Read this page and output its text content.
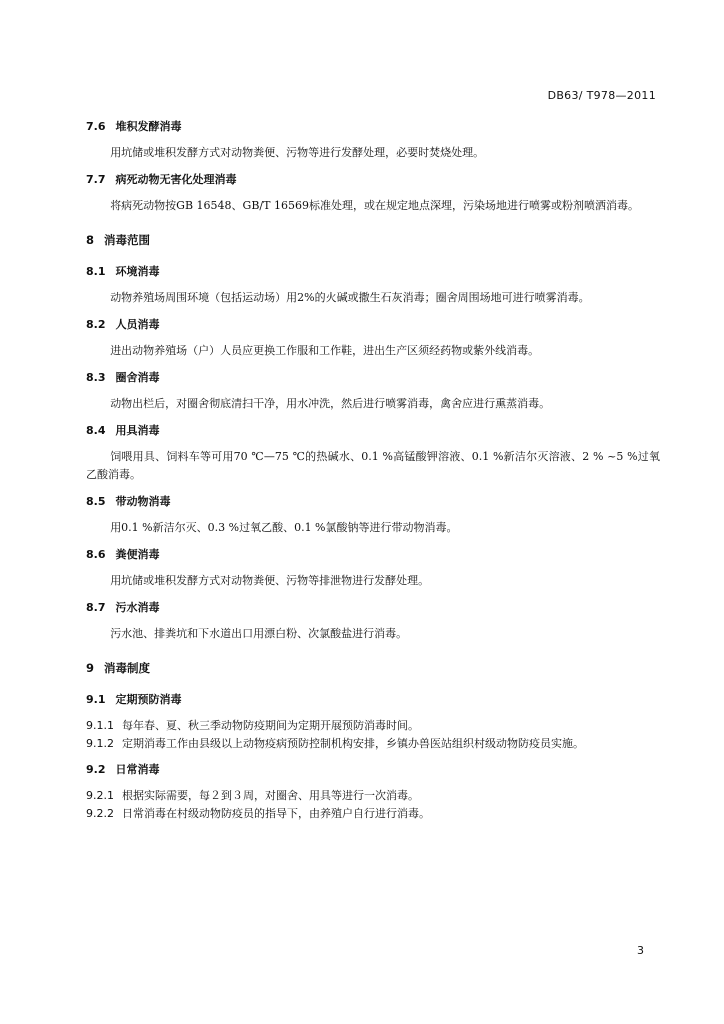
DB63/ T978—2011
7.6 堆积发酵消毒
用坑储或堆积发酵方式对动物粪便、污物等进行发酵处理，必要时焚烧处理。
7.7 病死动物无害化处理消毒
将病死动物按GB 16548、GB/T 16569标准处理，或在规定地点深埋，污染场地进行喷雾或粉剂喷洒消毒。
8 消毒范围
8.1 环境消毒
动物养殖场周围环境（包括运动场）用2%的火碱或撒生石灰消毒；圈舍周围场地可进行喷雾消毒。
8.2 人员消毒
进出动物养殖场（户）人员应更换工作服和工作鞋，进出生产区须经药物或紫外线消毒。
8.3 圈舍消毒
动物出栏后，对圈舍彻底清扫干净，用水冲洗，然后进行喷雾消毒，禽舍应进行熏蒸消毒。
8.4 用具消毒
饲喂用具、饲料车等可用70 ℃—75 ℃的热碱水、0.1 %高锰酸钾溶液、0.1 %新洁尔灭溶液、2 % ~5 %过氧乙酸消毒。
8.5 带动物消毒
用0.1 %新洁尔灭、0.3 %过氧乙酸、0.1 %氯酸钠等进行带动物消毒。
8.6 粪便消毒
用坑储或堆积发酵方式对动物粪便、污物等排泄物进行发酵处理。
8.7 污水消毒
污水池、排粪坑和下水道出口用漂白粉、次氯酸盐进行消毒。
9 消毒制度
9.1 定期预防消毒
9.1.1 每年春、夏、秋三季动物防疫期间为定期开展预防消毒时间。
9.1.2 定期消毒工作由县级以上动物疫病预防控制机构安排，乡镇办兽医站组织村级动物防疫员实施。
9.2 日常消毒
9.2.1 根据实际需要，每２到３周，对圈舍、用具等进行一次消毒。
9.2.2 日常消毒在村级动物防疫员的指导下，由养殖户自行进行消毒。
3
